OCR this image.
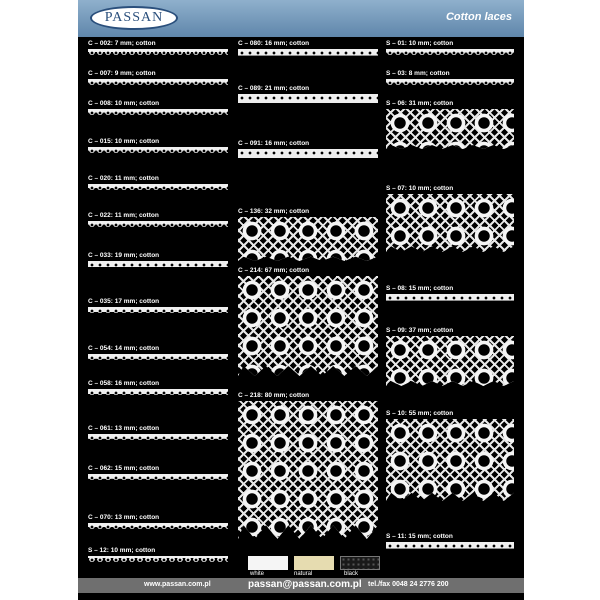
PASSAN	Cotton laces
C – 002: 7 mm; cotton
C – 007: 9 mm; cotton
C – 008: 10 mm; cotton
C – 015: 10 mm; cotton
C – 020: 11 mm; cotton
C – 022: 11 mm; cotton
C – 033: 19 mm; cotton
C – 035: 17 mm; cotton
C – 054: 14 mm; cotton
C – 058: 16 mm; cotton
C – 061: 13 mm; cotton
C – 062: 15 mm; cotton
C – 070: 13 mm; cotton
S – 12: 10 mm; cotton
C – 080: 16 mm; cotton
C – 089: 21 mm; cotton
C – 091: 16 mm; cotton
C – 136: 32 mm; cotton
C – 214: 67 mm; cotton
C – 218: 80 mm; cotton
S – 01: 10 mm; cotton
S – 03: 8 mm; cotton
S – 06: 31 mm; cotton
S – 07: 10 mm; cotton
S – 08: 15 mm; cotton
S – 09: 37 mm; cotton
S – 10: 55 mm; cotton
S – 11: 15 mm; cotton
white	natural	black
www.passan.com.pl	passan@passan.com.pl tel./fax 0048 24 2776 200
